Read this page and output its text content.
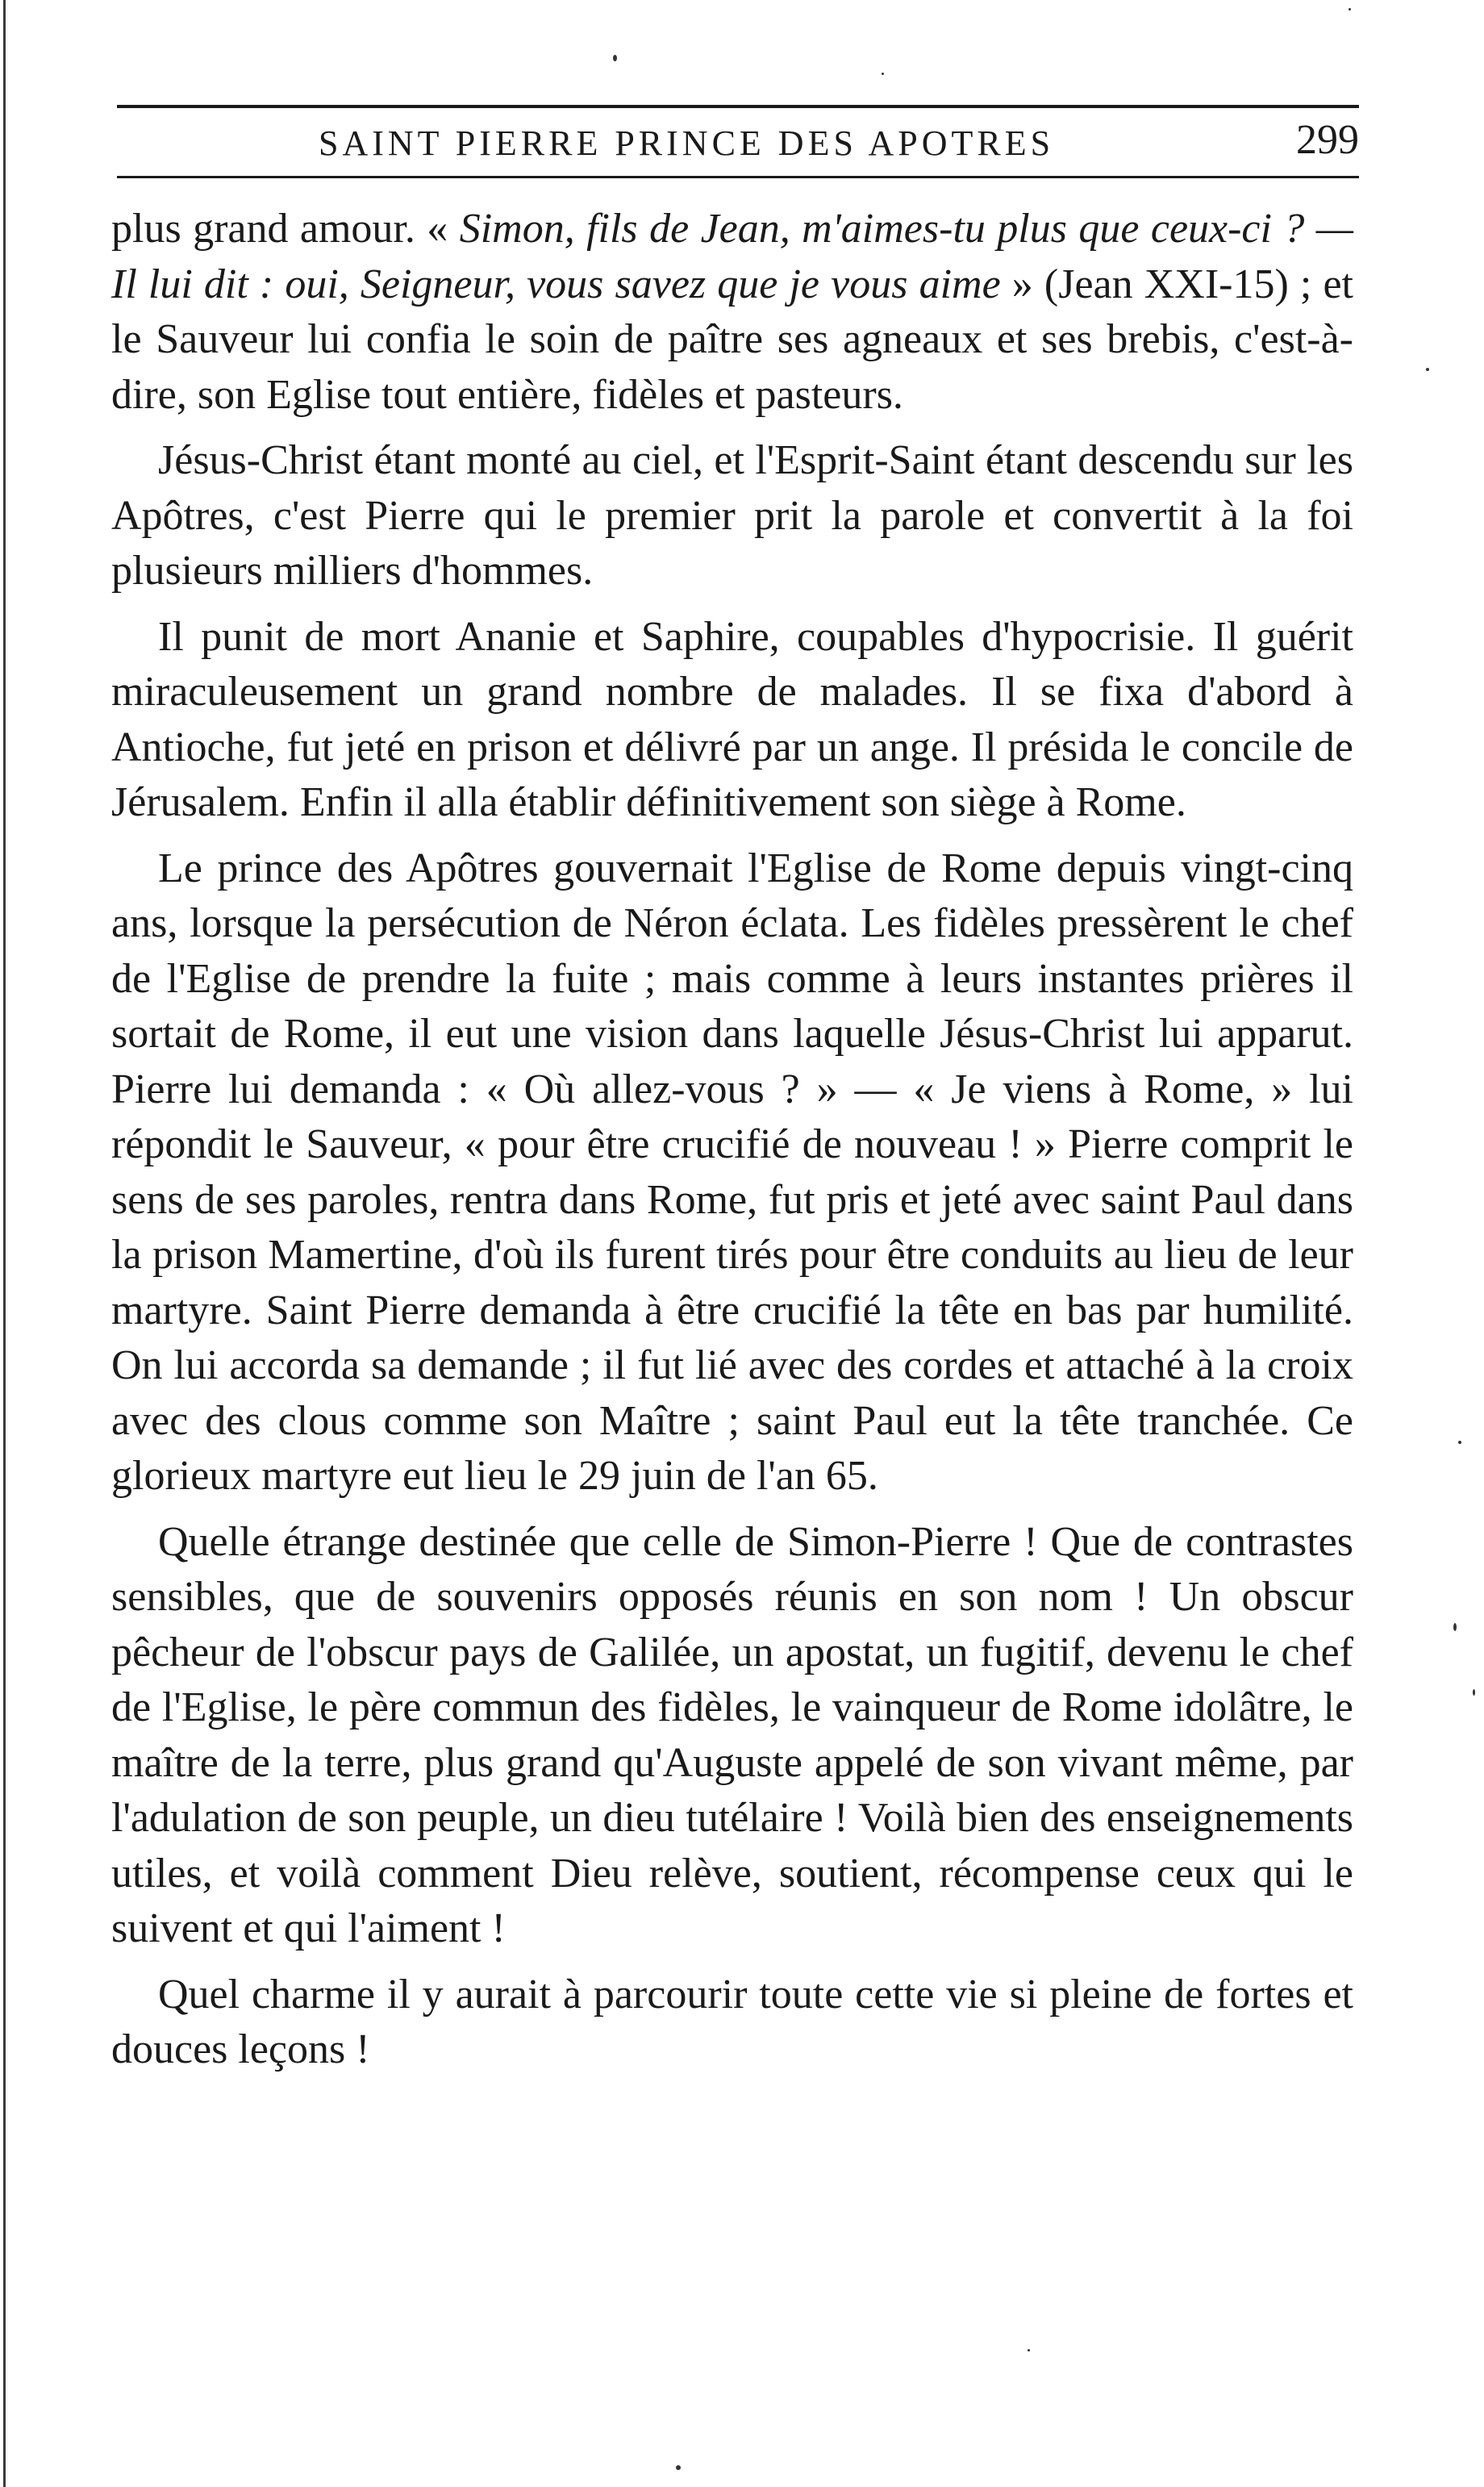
SAINT PIERRE PRINCE DES APOTRES	299

plus grand amour. « Simon, fils de Jean, m'aimes-tu plus que ceux-ci ? — Il lui dit : oui, Seigneur, vous savez que je vous aime » (Jean XXI-15) ; et le Sauveur lui confia le soin de paître ses agneaux et ses brebis, c'est-à-dire, son Eglise tout entière, fidèles et pasteurs.

Jésus-Christ étant monté au ciel, et l'Esprit-Saint étant descendu sur les Apôtres, c'est Pierre qui le premier prit la parole et convertit à la foi plusieurs milliers d'hommes.

Il punit de mort Ananie et Saphire, coupables d'hypocrisie. Il guérit miraculeusement un grand nombre de malades. Il se fixa d'abord à Antioche, fut jeté en prison et délivré par un ange. Il présida le concile de Jérusalem. Enfin il alla établir définitivement son siège à Rome.

Le prince des Apôtres gouvernait l'Eglise de Rome depuis vingt-cinq ans, lorsque la persécution de Néron éclata. Les fidèles pressèrent le chef de l'Eglise de prendre la fuite ; mais comme à leurs instantes prières il sortait de Rome, il eut une vision dans laquelle Jésus-Christ lui apparut. Pierre lui demanda : « Où allez-vous ? » — « Je viens à Rome, » lui répondit le Sauveur, « pour être crucifié de nouveau ! » Pierre comprit le sens de ses paroles, rentra dans Rome, fut pris et jeté avec saint Paul dans la prison Mamertine, d'où ils furent tirés pour être conduits au lieu de leur martyre. Saint Pierre demanda à être crucifié la tête en bas par humilité. On lui accorda sa demande ; il fut lié avec des cordes et attaché à la croix avec des clous comme son Maître ; saint Paul eut la tête tranchée. Ce glorieux martyre eut lieu le 29 juin de l'an 65.

Quelle étrange destinée que celle de Simon-Pierre ! Que de contrastes sensibles, que de souvenirs opposés réunis en son nom ! Un obscur pêcheur de l'obscur pays de Galilée, un apostat, un fugitif, devenu le chef de l'Eglise, le père commun des fidèles, le vainqueur de Rome idolâtre, le maître de la terre, plus grand qu'Auguste appelé de son vivant même, par l'adulation de son peuple, un dieu tutélaire ! Voilà bien des enseignements utiles, et voilà comment Dieu relève, soutient, récompense ceux qui le suivent et qui l'aiment !

Quel charme il y aurait à parcourir toute cette vie si pleine de fortes et douces leçons !
